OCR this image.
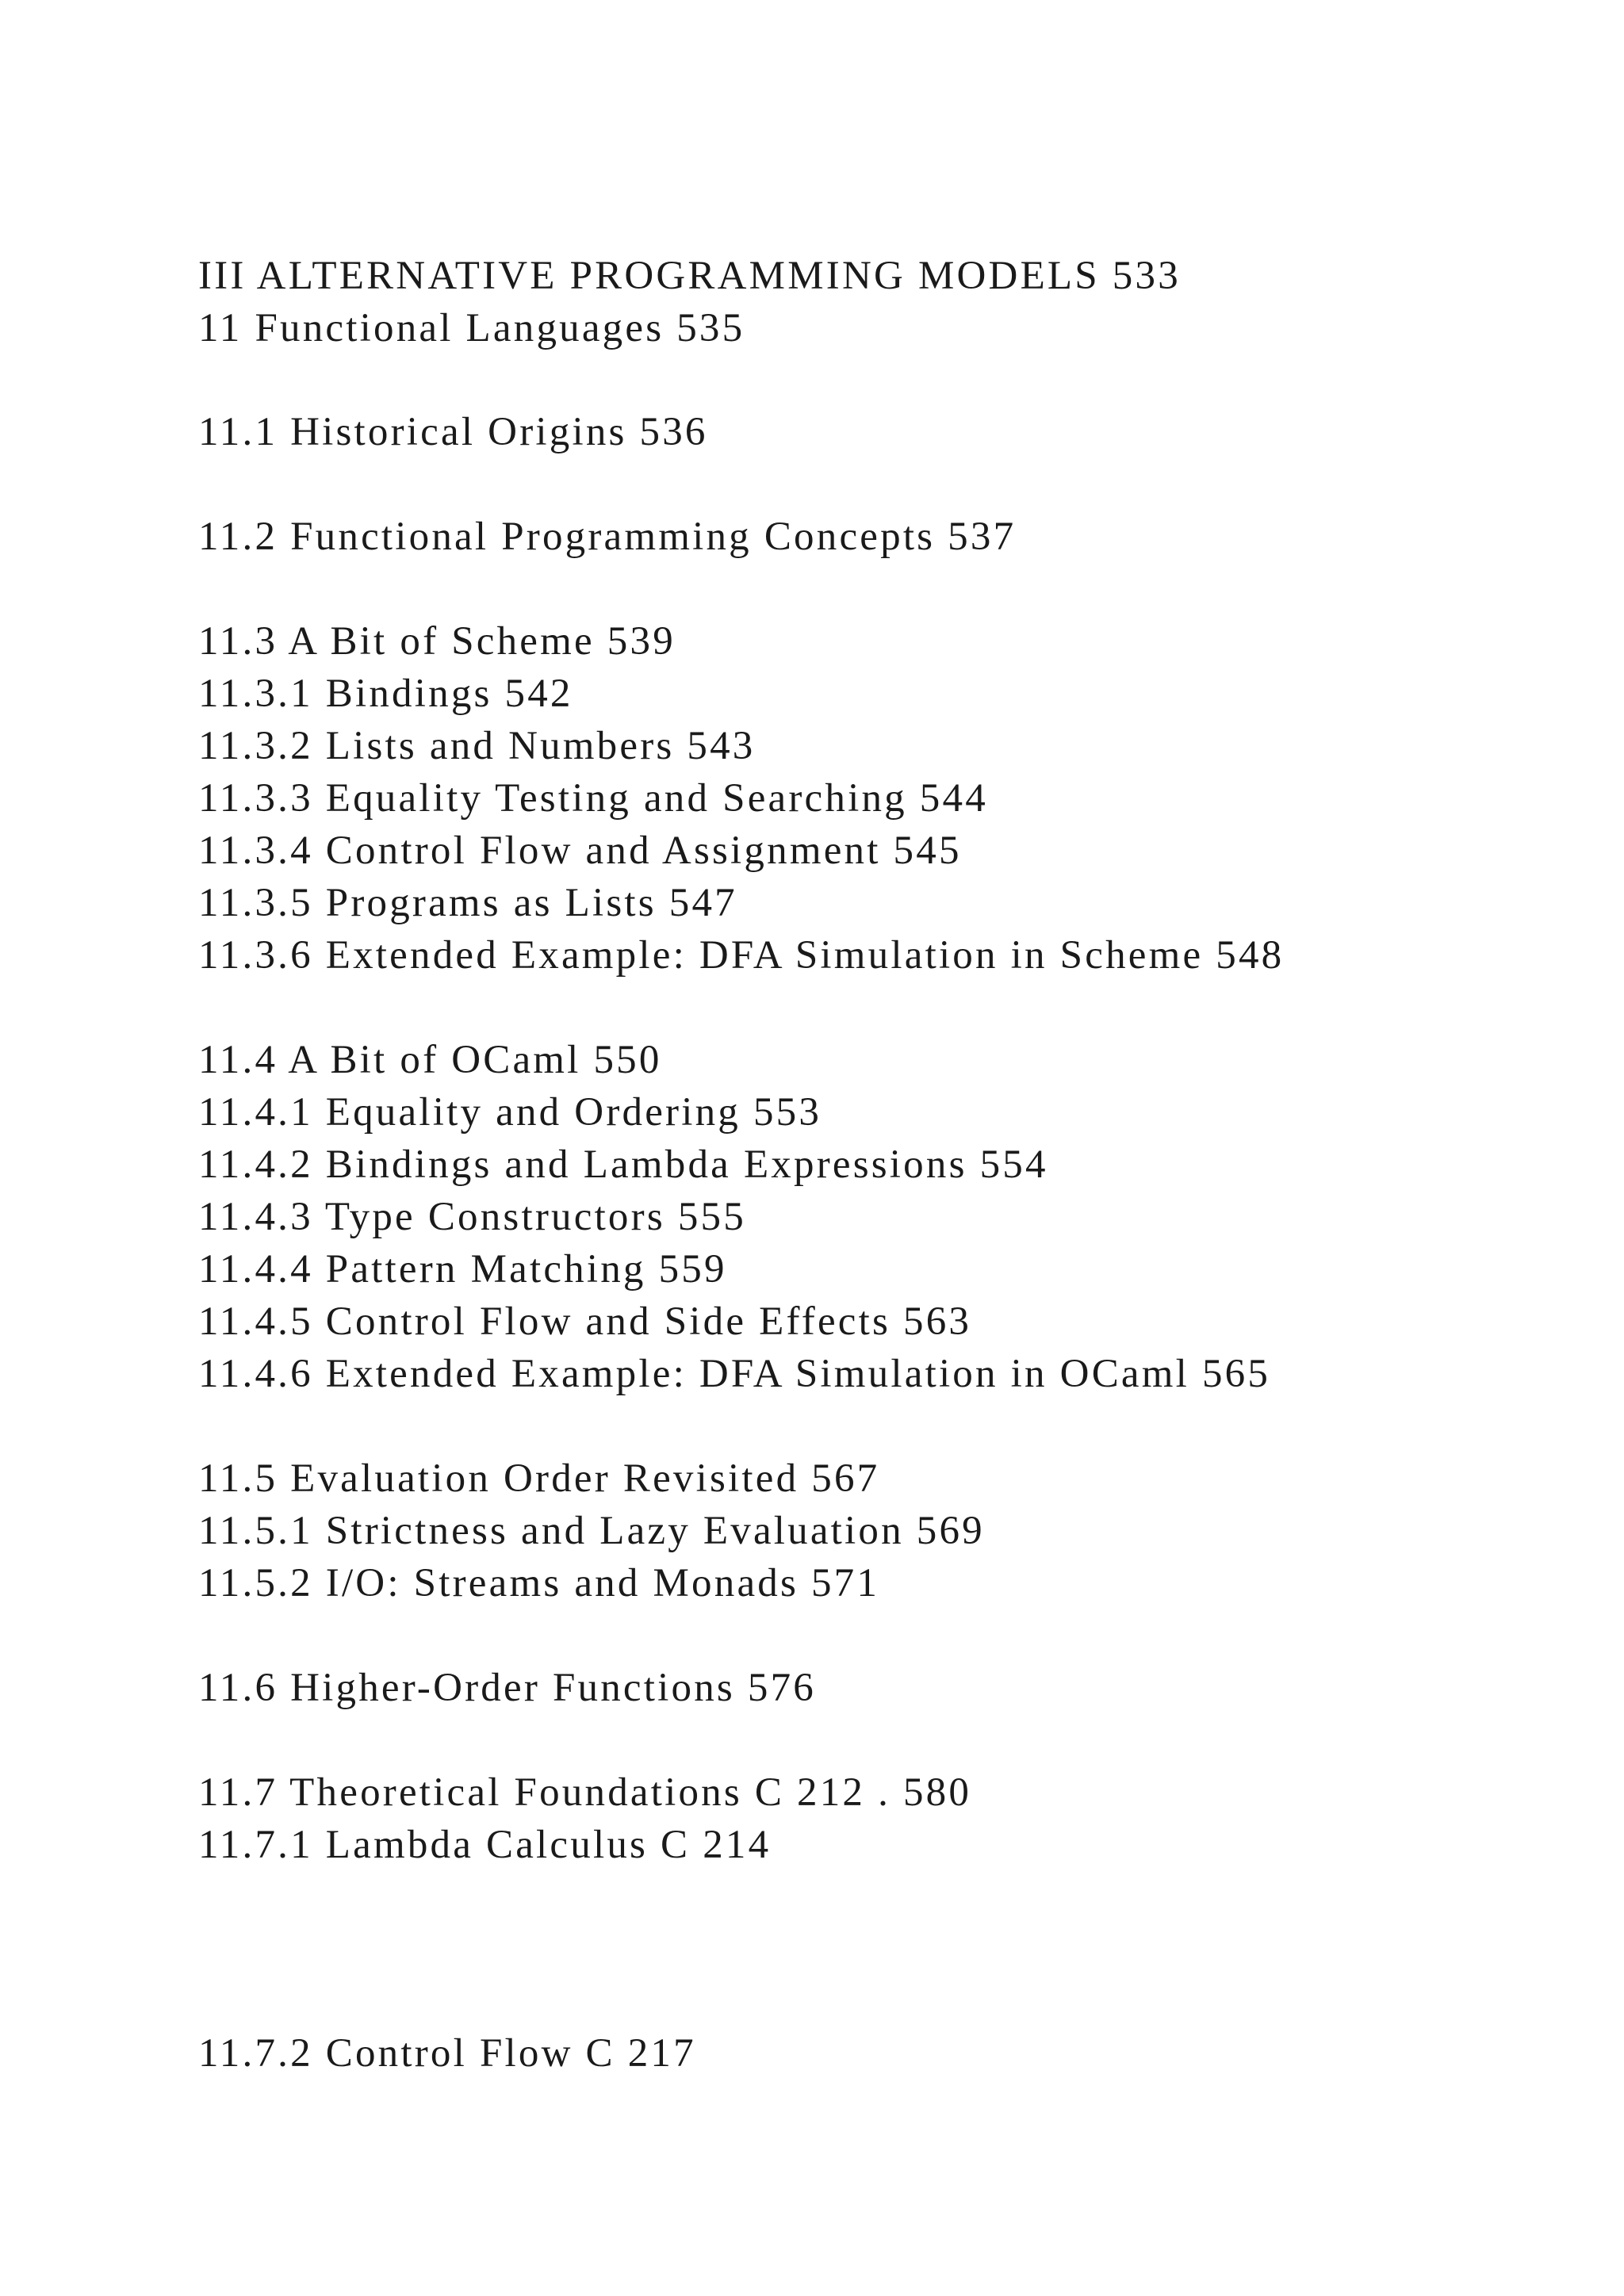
III ALTERNATIVE PROGRAMMING MODELS 533

11 Functional Languages 535

11.1 Historical Origins 536

11.2 Functional Programming Concepts 537

11.3 A Bit of Scheme 539

11.3.1 Bindings 542

11.3.2 Lists and Numbers 543

11.3.3 Equality Testing and Searching 544

11.3.4 Control Flow and Assignment 545

11.3.5 Programs as Lists 547

11.3.6 Extended Example: DFA Simulation in Scheme 548

11.4 A Bit of OCaml 550

11.4.1 Equality and Ordering 553

11.4.2 Bindings and Lambda Expressions 554

11.4.3 Type Constructors 555

11.4.4 Pattern Matching 559

11.4.5 Control Flow and Side Effects 563

11.4.6 Extended Example: DFA Simulation in OCaml 565

11.5 Evaluation Order Revisited 567

11.5.1 Strictness and Lazy Evaluation 569

11.5.2 I/O: Streams and Monads 571

11.6 Higher-Order Functions 576

11.7 Theoretical Foundations C 212 . 580

11.7.1 Lambda Calculus C 214

11.7.2 Control Flow C 217
